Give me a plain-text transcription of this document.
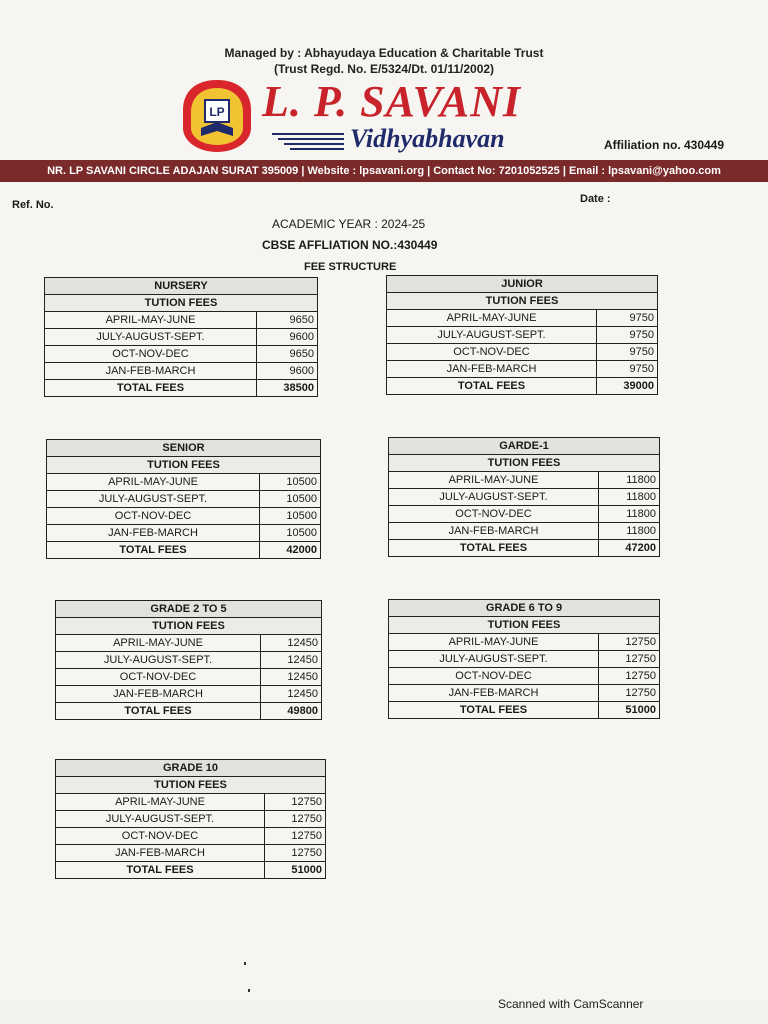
Managed by : Abhayudaya Education & Charitable Trust
(Trust Regd. No. E/5324/Dt. 01/11/2002)
LP L. P. SAVANI
Vidhyabhavan	Affiliation no. 430449
NR. LP SAVANI CIRCLE ADAJAN SURAT 395009 | Website : lpsavani.org | Contact No: 7201052525 | Email : lpsavani@yahoo.com
Ref. No.	Date :
ACADEMIC YEAR : 2024-25
CBSE AFFLIATION NO.:430449
FEE STRUCTURE
NURSERY	
TUTION FEES	
APRIL-MAY-JUNE	9650
JULY-AUGUST-SEPT.	9600
OCT-NOV-DEC	9650
JAN-FEB-MARCH	9600
TOTAL FEES	38500
JUNIOR	
TUTION FEES	
APRIL-MAY-JUNE	9750
JULY-AUGUST-SEPT.	9750
OCT-NOV-DEC	9750
JAN-FEB-MARCH	9750
TOTAL FEES	39000
SENIOR	
TUTION FEES	
APRIL-MAY-JUNE	10500
JULY-AUGUST-SEPT.	10500
OCT-NOV-DEC	10500
JAN-FEB-MARCH	10500
TOTAL FEES	42000
GARDE-1	
TUTION FEES	
APRIL-MAY-JUNE	11800
JULY-AUGUST-SEPT.	11800
OCT-NOV-DEC	11800
JAN-FEB-MARCH	11800
TOTAL FEES	47200
GRADE 2 TO 5	
TUTION FEES	
APRIL-MAY-JUNE	12450
JULY-AUGUST-SEPT.	12450
OCT-NOV-DEC	12450
JAN-FEB-MARCH	12450
TOTAL FEES	49800
GRADE 6 TO 9	
TUTION FEES	
APRIL-MAY-JUNE	12750
JULY-AUGUST-SEPT.	12750
OCT-NOV-DEC	12750
JAN-FEB-MARCH	12750
TOTAL FEES	51000
GRADE 10	
TUTION FEES	
APRIL-MAY-JUNE	12750
JULY-AUGUST-SEPT.	12750
OCT-NOV-DEC	12750
JAN-FEB-MARCH	12750
TOTAL FEES	51000
Scanned with CamScanner
